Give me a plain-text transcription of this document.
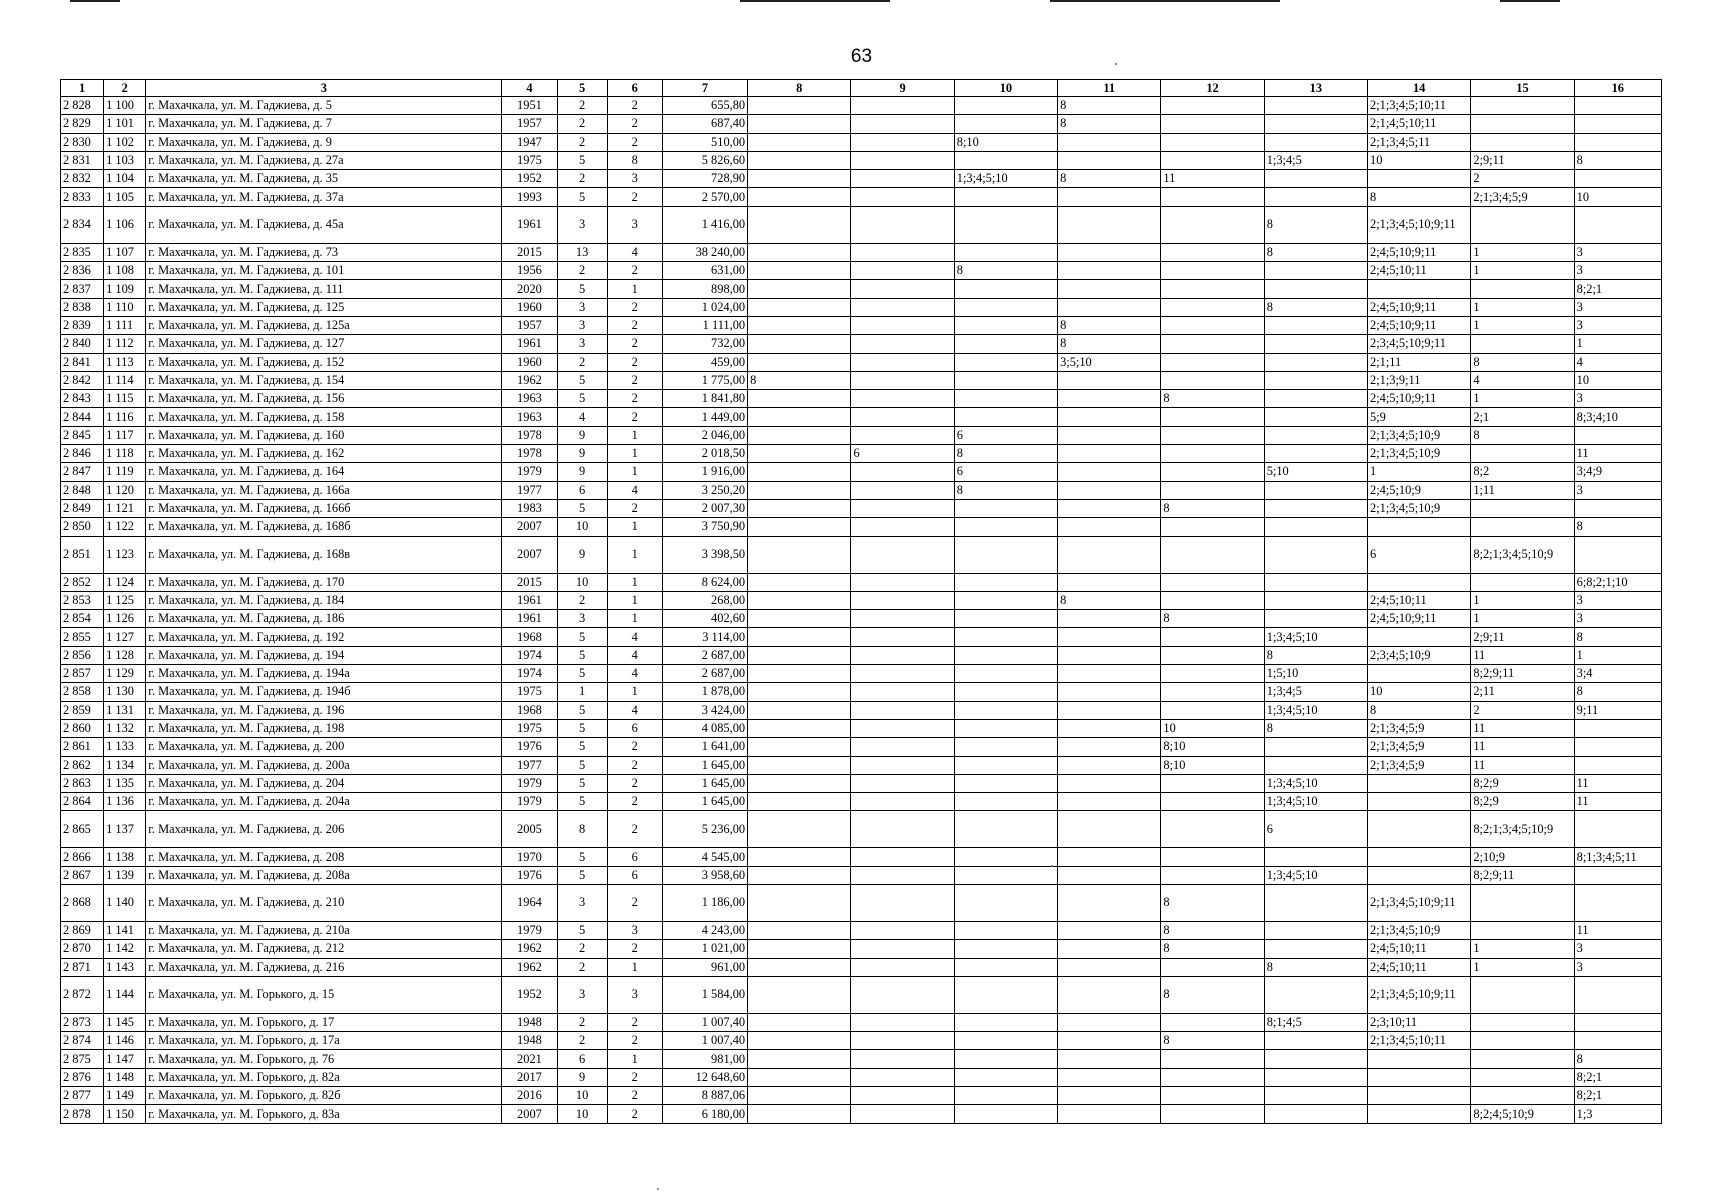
63
1	2	3	4	5	6	7	8	9	10	11	12	13	14	15	16
2 828	1 100	г. Махачкала, ул. М. Гаджиева, д. 5	1951	2	2	655,80				8			2;1;3;4;5;10;11		
2 829	1 101	г. Махачкала, ул. М. Гаджиева, д. 7	1957	2	2	687,40				8			2;1;4;5;10;11		
2 830	1 102	г. Махачкала, ул. М. Гаджиева, д. 9	1947	2	2	510,00			8;10				2;1;3;4;5;11		
2 831	1 103	г. Махачкала, ул. М. Гаджиева, д. 27а	1975	5	8	5 826,60						1;3;4;5	10	2;9;11	8
2 832	1 104	г. Махачкала, ул. М. Гаджиева, д. 35	1952	2	3	728,90			1;3;4;5;10	8	11			2	
2 833	1 105	г. Махачкала, ул. М. Гаджиева, д. 37а	1993	5	2	2 570,00							8	2;1;3;4;5;9	10
2 834	1 106	г. Махачкала, ул. М. Гаджиева, д. 45а	1961	3	3	1 416,00						8	2;1;3;4;5;10;9;11		
2 835	1 107	г. Махачкала, ул. М. Гаджиева, д. 73	2015	13	4	38 240,00						8	2;4;5;10;9;11	1	3
2 836	1 108	г. Махачкала, ул. М. Гаджиева, д. 101	1956	2	2	631,00			8				2;4;5;10;11	1	3
2 837	1 109	г. Махачкала, ул. М. Гаджиева, д. 111	2020	5	1	898,00									8;2;1
2 838	1 110	г. Махачкала, ул. М. Гаджиева, д. 125	1960	3	2	1 024,00						8	2;4;5;10;9;11	1	3
2 839	1 111	г. Махачкала, ул. М. Гаджиева, д. 125а	1957	3	2	1 111,00				8			2;4;5;10;9;11	1	3
2 840	1 112	г. Махачкала, ул. М. Гаджиева, д. 127	1961	3	2	732,00				8			2;3;4;5;10;9;11		1
2 841	1 113	г. Махачкала, ул. М. Гаджиева, д. 152	1960	2	2	459,00				3;5;10			2;1;11	8	4
2 842	1 114	г. Махачкала, ул. М. Гаджиева, д. 154	1962	5	2	1 775,00	8						2;1;3;9;11	4	10
2 843	1 115	г. Махачкала, ул. М. Гаджиева, д. 156	1963	5	2	1 841,80					8		2;4;5;10;9;11	1	3
2 844	1 116	г. Махачкала, ул. М. Гаджиева, д. 158	1963	4	2	1 449,00							5;9	2;1	8;3;4;10
2 845	1 117	г. Махачкала, ул. М. Гаджиева, д. 160	1978	9	1	2 046,00			6				2;1;3;4;5;10;9	8	
2 846	1 118	г. Махачкала, ул. М. Гаджиева, д. 162	1978	9	1	2 018,50		6	8				2;1;3;4;5;10;9		11
2 847	1 119	г. Махачкала, ул. М. Гаджиева, д. 164	1979	9	1	1 916,00			6			5;10	1	8;2	3;4;9
2 848	1 120	г. Махачкала, ул. М. Гаджиева, д. 166а	1977	6	4	3 250,20			8				2;4;5;10;9	1;11	3
2 849	1 121	г. Махачкала, ул. М. Гаджиева, д. 166б	1983	5	2	2 007,30					8		2;1;3;4;5;10;9		
2 850	1 122	г. Махачкала, ул. М. Гаджиева, д. 168б	2007	10	1	3 750,90									8
2 851	1 123	г. Махачкала, ул. М. Гаджиева, д. 168в	2007	9	1	3 398,50							6	8;2;1;3;4;5;10;9	
2 852	1 124	г. Махачкала, ул. М. Гаджиева, д. 170	2015	10	1	8 624,00									6;8;2;1;10
2 853	1 125	г. Махачкала, ул. М. Гаджиева, д. 184	1961	2	1	268,00				8			2;4;5;10;11	1	3
2 854	1 126	г. Махачкала, ул. М. Гаджиева, д. 186	1961	3	1	402,60					8		2;4;5;10;9;11	1	3
2 855	1 127	г. Махачкала, ул. М. Гаджиева, д. 192	1968	5	4	3 114,00						1;3;4;5;10		2;9;11	8
2 856	1 128	г. Махачкала, ул. М. Гаджиева, д. 194	1974	5	4	2 687,00						8	2;3;4;5;10;9	11	1
2 857	1 129	г. Махачкала, ул. М. Гаджиева, д. 194а	1974	5	4	2 687,00						1;5;10		8;2;9;11	3;4
2 858	1 130	г. Махачкала, ул. М. Гаджиева, д. 194б	1975	1	1	1 878,00						1;3;4;5	10	2;11	8
2 859	1 131	г. Махачкала, ул. М. Гаджиева, д. 196	1968	5	4	3 424,00						1;3;4;5;10	8	2	9;11
2 860	1 132	г. Махачкала, ул. М. Гаджиева, д. 198	1975	5	6	4 085,00					10	8	2;1;3;4;5;9	11	
2 861	1 133	г. Махачкала, ул. М. Гаджиева, д. 200	1976	5	2	1 641,00					8;10		2;1;3;4;5;9	11	
2 862	1 134	г. Махачкала, ул. М. Гаджиева, д. 200а	1977	5	2	1 645,00					8;10		2;1;3;4;5;9	11	
2 863	1 135	г. Махачкала, ул. М. Гаджиева, д. 204	1979	5	2	1 645,00						1;3;4;5;10		8;2;9	11
2 864	1 136	г. Махачкала, ул. М. Гаджиева, д. 204а	1979	5	2	1 645,00						1;3;4;5;10		8;2;9	11
2 865	1 137	г. Махачкала, ул. М. Гаджиева, д. 206	2005	8	2	5 236,00						6		8;2;1;3;4;5;10;9	
2 866	1 138	г. Махачкала, ул. М. Гаджиева, д. 208	1970	5	6	4 545,00								2;10;9	8;1;3;4;5;11
2 867	1 139	г. Махачкала, ул. М. Гаджиева, д. 208а	1976	5	6	3 958,60						1;3;4;5;10		8;2;9;11	
2 868	1 140	г. Махачкала, ул. М. Гаджиева, д. 210	1964	3	2	1 186,00					8		2;1;3;4;5;10;9;11		
2 869	1 141	г. Махачкала, ул. М. Гаджиева, д. 210а	1979	5	3	4 243,00					8		2;1;3;4;5;10;9		11
2 870	1 142	г. Махачкала, ул. М. Гаджиева, д. 212	1962	2	2	1 021,00					8		2;4;5;10;11	1	3
2 871	1 143	г. Махачкала, ул. М. Гаджиева, д. 216	1962	2	1	961,00						8	2;4;5;10;11	1	3
2 872	1 144	г. Махачкала, ул. М. Горького, д. 15	1952	3	3	1 584,00					8		2;1;3;4;5;10;9;11		
2 873	1 145	г. Махачкала, ул. М. Горького, д. 17	1948	2	2	1 007,40						8;1;4;5	2;3;10;11		
2 874	1 146	г. Махачкала, ул. М. Горького, д. 17а	1948	2	2	1 007,40					8		2;1;3;4;5;10;11		
2 875	1 147	г. Махачкала, ул. М. Горького, д. 76	2021	6	1	981,00									8
2 876	1 148	г. Махачкала, ул. М. Горького, д. 82а	2017	9	2	12 648,60									8;2;1
2 877	1 149	г. Махачкала, ул. М. Горького, д. 82б	2016	10	2	8 887,06									8;2;1
2 878	1 150	г. Махачкала, ул. М. Горького, д. 83а	2007	10	2	6 180,00								8;2;4;5;10;9	1;3
